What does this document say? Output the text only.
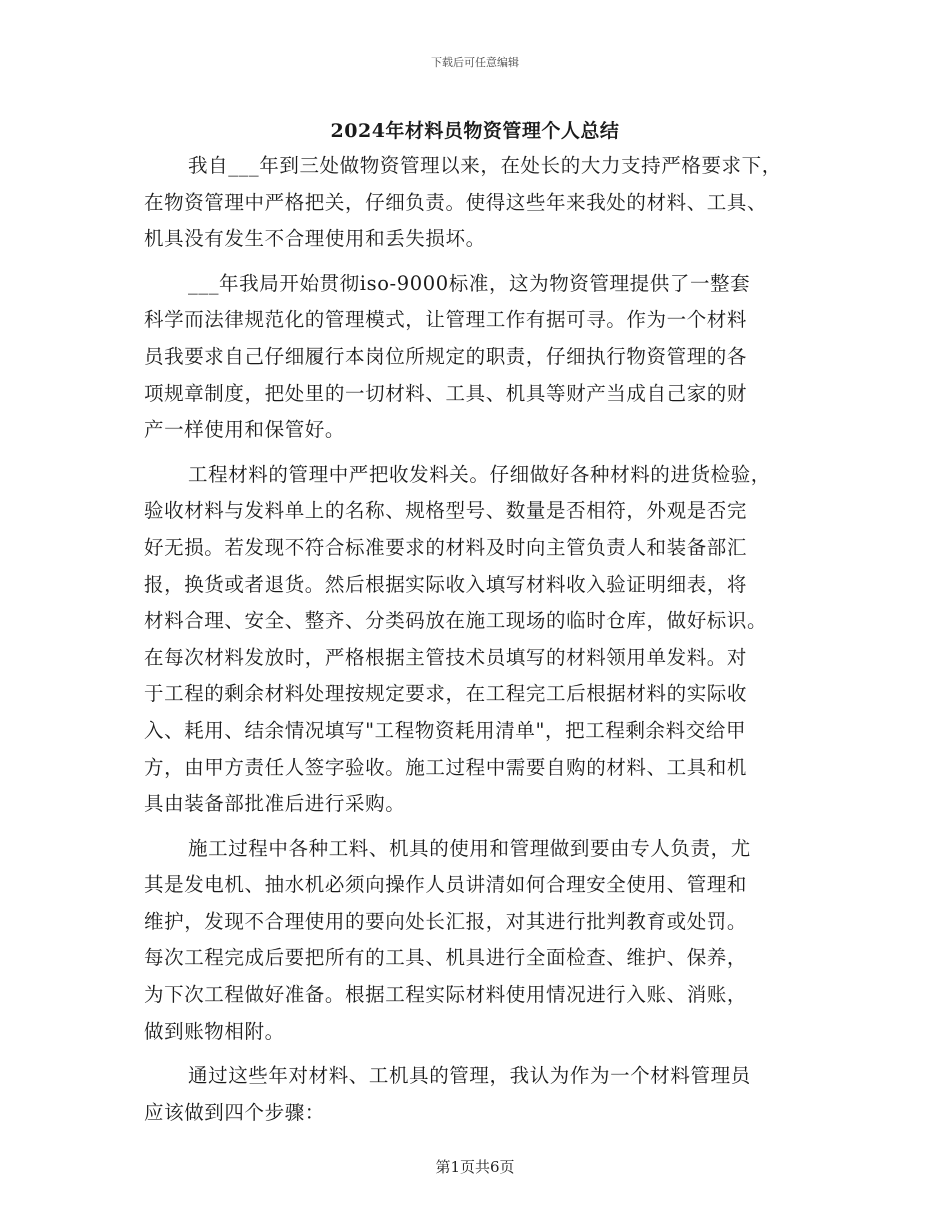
下载后可任意编辑
2024年材料员物资管理个人总结
我自___年到三处做物资管理以来，在处长的大力支持严格要求下，
在物资管理中严格把关，仔细负责。使得这些年来我处的材料、工具、
机具没有发生不合理使用和丢失损坏。
___年我局开始贯彻iso-9000标准，这为物资管理提供了一整套
科学而法律规范化的管理模式，让管理工作有据可寻。作为一个材料
员我要求自己仔细履行本岗位所规定的职责，仔细执行物资管理的各
项规章制度，把处里的一切材料、工具、机具等财产当成自己家的财
产一样使用和保管好。
工程材料的管理中严把收发料关。仔细做好各种材料的进货检验，
验收材料与发料单上的名称、规格型号、数量是否相符，外观是否完
好无损。若发现不符合标准要求的材料及时向主管负责人和装备部汇
报，换货或者退货。然后根据实际收入填写材料收入验证明细表，将
材料合理、安全、整齐、分类码放在施工现场的临时仓库，做好标识。
在每次材料发放时，严格根据主管技术员填写的材料领用单发料。对
于工程的剩余材料处理按规定要求，在工程完工后根据材料的实际收
入、耗用、结余情况填写"工程物资耗用清单"，把工程剩余料交给甲
方，由甲方责任人签字验收。施工过程中需要自购的材料、工具和机
具由装备部批准后进行采购。
施工过程中各种工料、机具的使用和管理做到要由专人负责，尤
其是发电机、抽水机必须向操作人员讲清如何合理安全使用、管理和
维护，发现不合理使用的要向处长汇报，对其进行批判教育或处罚。
每次工程完成后要把所有的工具、机具进行全面检查、维护、保养，
为下次工程做好准备。根据工程实际材料使用情况进行入账、消账，
做到账物相附。
通过这些年对材料、工机具的管理，我认为作为一个材料管理员
应该做到四个步骤：
第1页共6页
